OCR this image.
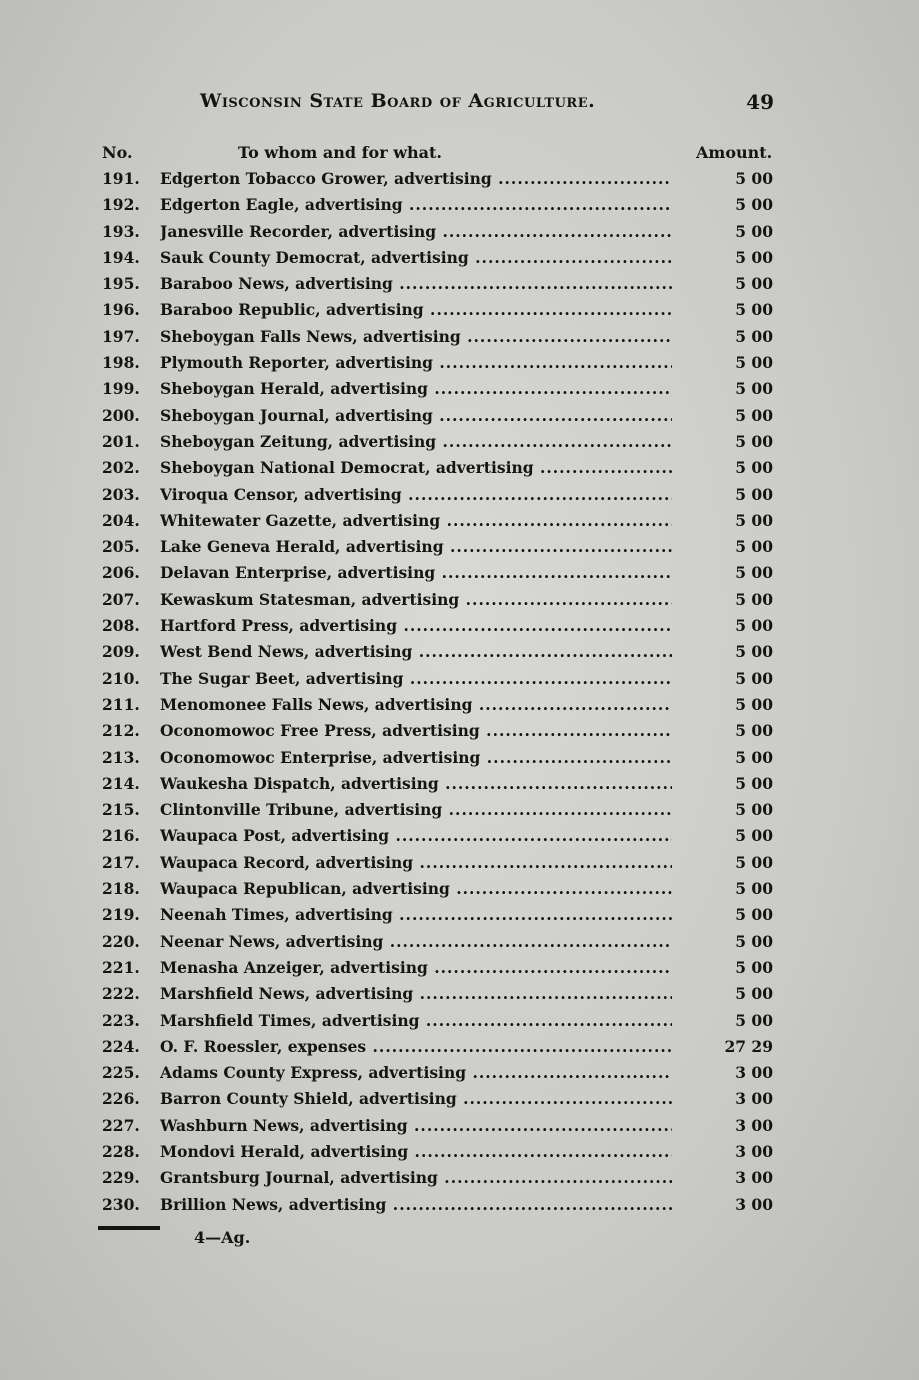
Wisconsin State Board of Agriculture.	49
No.	To whom and for what.	Amount.
191.	Edgerton Tobacco Grower, advertising .....	5 00
192.	Edgerton Eagle, advertising .....	5 00
193.	Janesville Recorder, advertising .....	5 00
194.	Sauk County Democrat, advertising .....	5 00
195.	Baraboo News, advertising .....	5 00
196.	Baraboo Republic, advertising .....	5 00
197.	Sheboygan Falls News, advertising .....	5 00
198.	Plymouth Reporter, advertising .....	5 00
199.	Sheboygan Herald, advertising .....	5 00
200.	Sheboygan Journal, advertising .....	5 00
201.	Sheboygan Zeitung, advertising .....	5 00
202.	Sheboygan National Democrat, advertising .....	5 00
203.	Viroqua Censor, advertising .....	5 00
204.	Whitewater Gazette, advertising .....	5 00
205.	Lake Geneva Herald, advertising .....	5 00
206.	Delavan Enterprise, advertising .....	5 00
207.	Kewaskum Statesman, advertising .....	5 00
208.	Hartford Press, advertising .....	5 00
209.	West Bend News, advertising .....	5 00
210.	The Sugar Beet, advertising .....	5 00
211.	Menomonee Falls News, advertising .....	5 00
212.	Oconomowoc Free Press, advertising .....	5 00
213.	Oconomowoc Enterprise, advertising .....	5 00
214.	Waukesha Dispatch, advertising .....	5 00
215.	Clintonville Tribune, advertising .....	5 00
216.	Waupaca Post, advertising .....	5 00
217.	Waupaca Record, advertising .....	5 00
218.	Waupaca Republican, advertising .....	5 00
219.	Neenah Times, advertising .....	5 00
220.	Neenar News, advertising .....	5 00
221.	Menasha Anzeiger, advertising .....	5 00
222.	Marshfield News, advertising .....	5 00
223.	Marshfield Times, advertising .....	5 00
224.	O. F. Roessler, expenses .....	27 29
225.	Adams County Express, advertising .....	3 00
226.	Barron County Shield, advertising .....	3 00
227.	Washburn News, advertising .....	3 00
228.	Mondovi Herald, advertising .....	3 00
229.	Grantsburg Journal, advertising .....	3 00
230.	Brillion News, advertising .....	3 00
4—Ag.
